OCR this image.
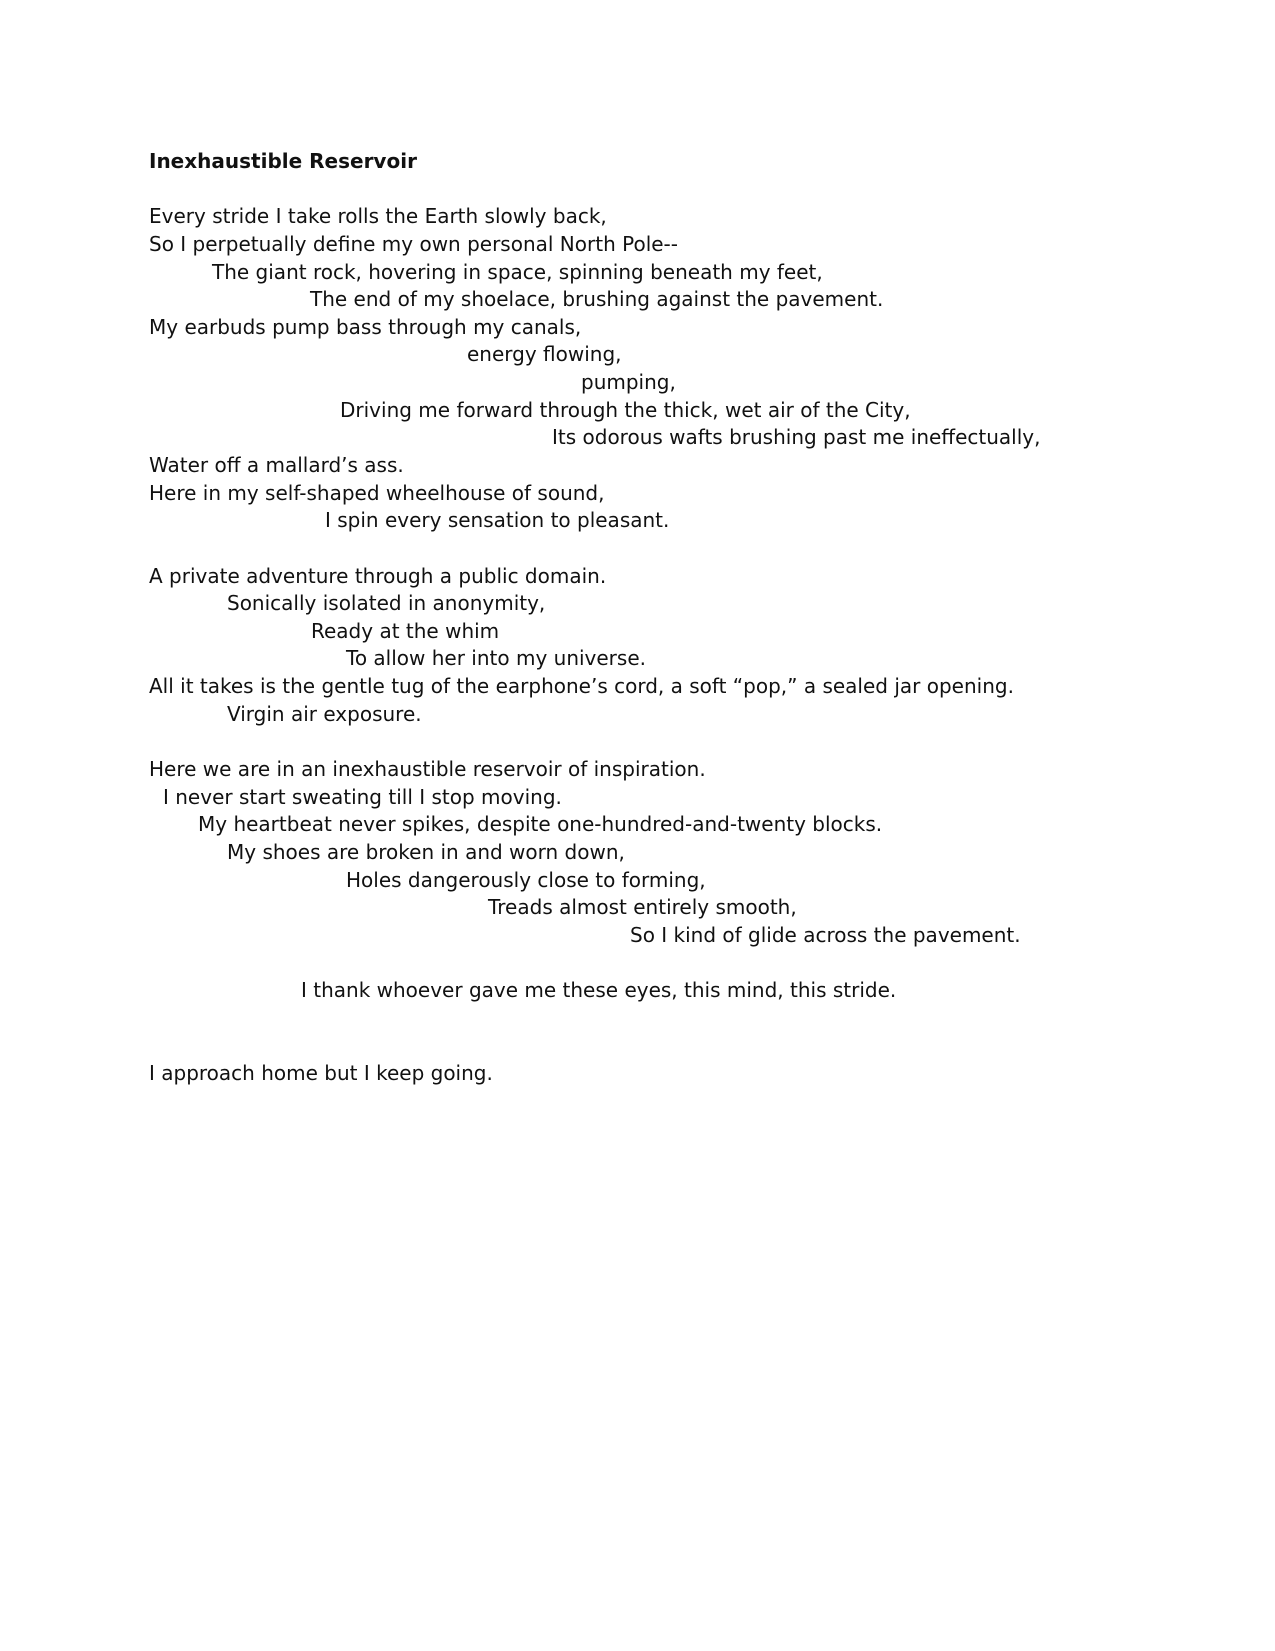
Inexhaustible Reservoir
Every stride I take rolls the Earth slowly back,
So I perpetually define my own personal North Pole--
The giant rock, hovering in space, spinning beneath my feet,
The end of my shoelace, brushing against the pavement.
My earbuds pump bass through my canals,
energy flowing,
pumping,
Driving me forward through the thick, wet air of the City,
Its odorous wafts brushing past me ineffectually,
Water off a mallard’s ass.
Here in my self-shaped wheelhouse of sound,
I spin every sensation to pleasant.
A private adventure through a public domain.
Sonically isolated in anonymity,
Ready at the whim
To allow her into my universe.
All it takes is the gentle tug of the earphone’s cord, a soft “pop,” a sealed jar opening.
Virgin air exposure.
Here we are in an inexhaustible reservoir of inspiration.
I never start sweating till I stop moving.
My heartbeat never spikes, despite one-hundred-and-twenty blocks.
My shoes are broken in and worn down,
Holes dangerously close to forming,
Treads almost entirely smooth,
So I kind of glide across the pavement.
I thank whoever gave me these eyes, this mind, this stride.
I approach home but I keep going.
